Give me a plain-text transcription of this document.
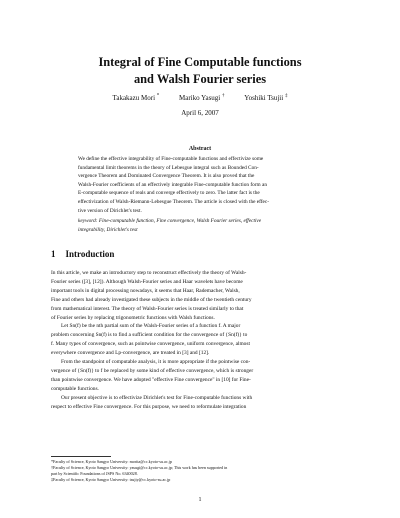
Integral of Fine Computable functions
and Walsh Fourier series
Takakazu Mori *	Mariko Yasugi †	Yoshiki Tsujii ‡
April 6, 2007
Abstract
We define the effective integrability of Fine-computable functions and effectivize some
fundamental limit theorems in the theory of Lebesgue integral such as Bounded Con-
vergence Theorem and Dominated Convergence Theorem. It is also proved that the
Walsh-Fourier coefficients of an effectively integrable Fine-computable function form an
E-computable sequence of reals and converge effectively to zero. The latter fact is the
effectivization of Walsh-Riemann-Lebesgue Theorem. The article is closed with the effec-
tive version of Dirichlet's test.
keyword: Fine-computable function, Fine convergence, Walsh Fourier series, effective
integrability, Dirichlet's test
1 Introduction
In this article, we make an introductory step to reconstruct effectively the theory of Walsh-
Fourier series ([3], [12]). Although Walsh-Fourier series and Haar wavelets have become
important tools in digital processing nowadays, it seems that Haar, Rademacher, Walsh,
Fine and others had already investigated these subjects in the middle of the twentieth century
from mathematical interest. The theory of Walsh-Fourier series is treated similarly to that
of Fourier series by replacing trigonometric functions with Walsh functions.
Let Sn(f) be the nth partial sum of the Walsh-Fourier series of a function f. A major
problem concerning Sn(f) is to find a sufficient condition for the convergence of {Sn(f)} to
f. Many types of convergence, such as pointwise convergence, uniform convergence, almost
everywhere convergence and Lp-convergence, are treated in [3] and [12].
From the standpoint of computable analysis, it is more appropriate if the pointwise con-
vergence of {Sn(f)} to f be replaced by some kind of effective convergence, which is stronger
than pointwise convergence. We have adopted "effective Fine convergence" in [10] for Fine-
computable functions.
Our present objective is to effectivize Dirichlet's test for Fine-computable functions with
respect to effective Fine convergence. For this purpose, we need to reformulate integration
*Faculty of Science, Kyoto Sangyo University: morita@cc.kyoto-su.ac.jp
†Faculty of Science, Kyoto Sangyo University: yasugi@cc.kyoto-su.ac.jp; This work has been supported in
part by Scientific Foundations of JSPS No. 6340028.
‡Faculty of Science, Kyoto Sangyo University: tsujiy@cc.kyoto-su.ac.jp
1
